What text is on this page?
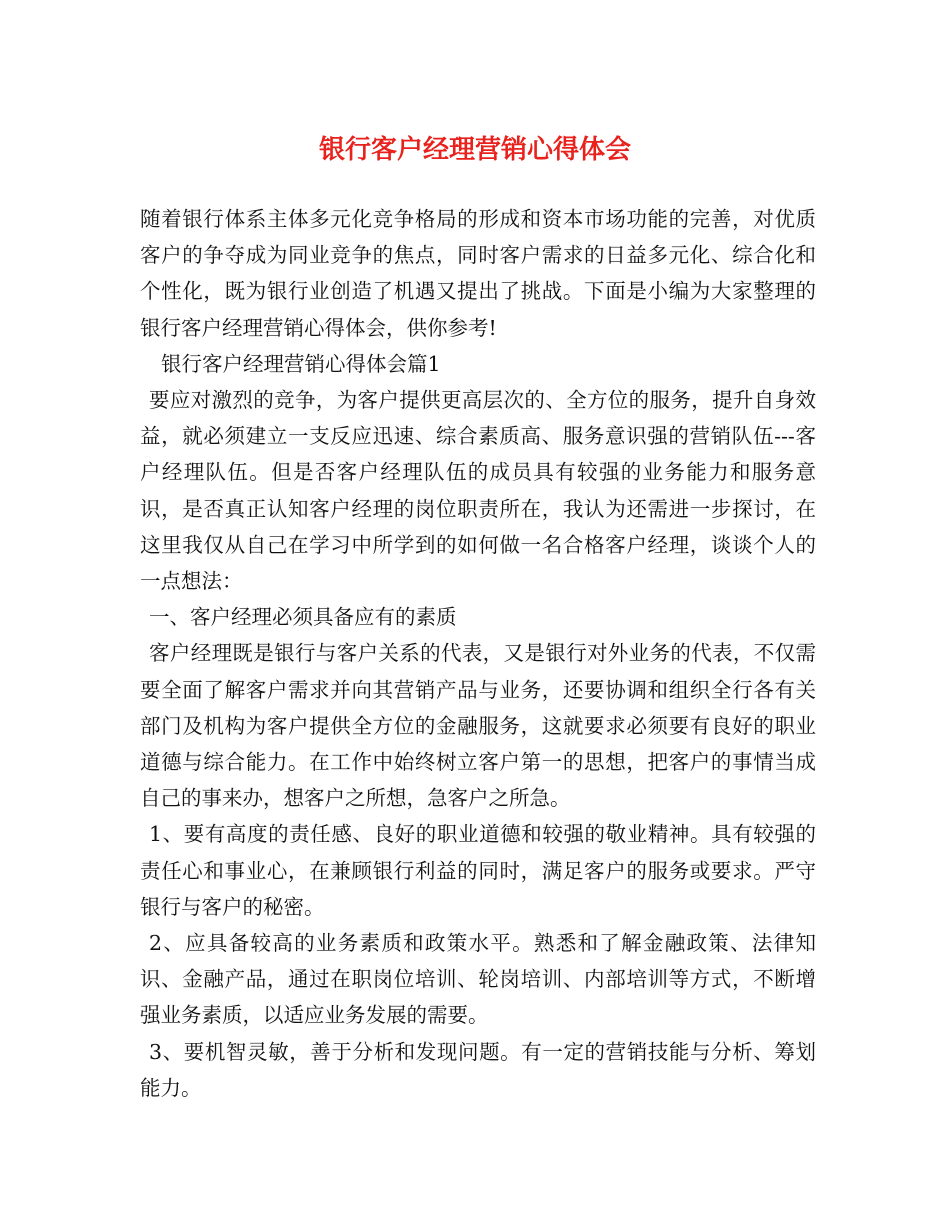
银行客户经理营销心得体会

随着银行体系主体多元化竞争格局的形成和资本市场功能的完善，对优质客户的争夺成为同业竞争的焦点，同时客户需求的日益多元化、综合化和个性化，既为银行业创造了机遇又提出了挑战。下面是小编为大家整理的银行客户经理营销心得体会，供你参考!

银行客户经理营销心得体会篇1

要应对激烈的竞争，为客户提供更高层次的、全方位的服务，提升自身效益，就必须建立一支反应迅速、综合素质高、服务意识强的营销队伍---客户经理队伍。但是否客户经理队伍的成员具有较强的业务能力和服务意识，是否真正认知客户经理的岗位职责所在，我认为还需进一步探讨，在这里我仅从自己在学习中所学到的如何做一名合格客户经理，谈谈个人的一点想法：

一、客户经理必须具备应有的素质

客户经理既是银行与客户关系的代表，又是银行对外业务的代表，不仅需要全面了解客户需求并向其营销产品与业务，还要协调和组织全行各有关部门及机构为客户提供全方位的金融服务，这就要求必须要有良好的职业道德与综合能力。在工作中始终树立客户第一的思想，把客户的事情当成自己的事来办，想客户之所想，急客户之所急。

1、要有高度的责任感、良好的职业道德和较强的敬业精神。具有较强的责任心和事业心，在兼顾银行利益的同时，满足客户的服务或要求。严守银行与客户的秘密。

2、应具备较高的业务素质和政策水平。熟悉和了解金融政策、法律知识、金融产品，通过在职岗位培训、轮岗培训、内部培训等方式，不断增强业务素质，以适应业务发展的需要。

3、要机智灵敏，善于分析和发现问题。有一定的营销技能与分析、筹划能力。
